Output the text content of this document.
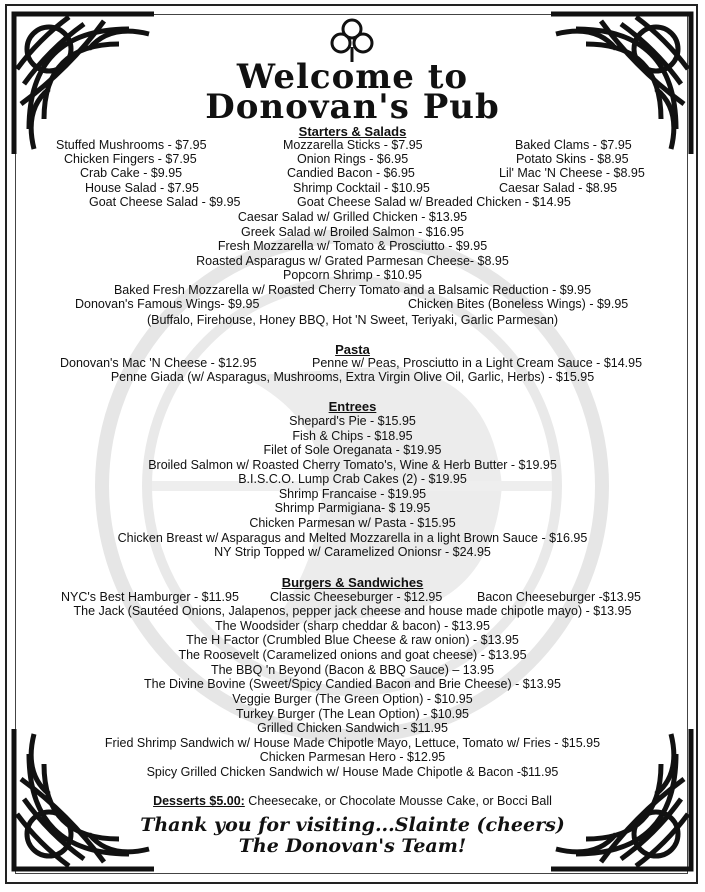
Welcome to
Donovan's Pub
Starters & Salads
Stuffed Mushrooms - $7.95	Mozzarella Sticks - $7.95	Baked Clams - $7.95
Chicken Fingers - $7.95	Onion Rings - $6.95	Potato Skins - $8.95
Crab Cake - $9.95	Candied Bacon - $6.95	Lil' Mac 'N Cheese - $8.95
House Salad - $7.95	Shrimp Cocktail - $10.95	Caesar Salad - $8.95
Goat Cheese Salad - $9.95	Goat Cheese Salad w/ Breaded Chicken - $14.95
Caesar Salad w/ Grilled Chicken - $13.95
Greek Salad w/ Broiled Salmon - $16.95
Fresh Mozzarella w/ Tomato & Prosciutto - $9.95
Roasted Asparagus w/ Grated Parmesan Cheese- $8.95
Popcorn Shrimp - $10.95
Baked Fresh Mozzarella w/ Roasted Cherry Tomato and a Balsamic Reduction - $9.95
Donovan's Famous Wings- $9.95	Chicken Bites (Boneless Wings) - $9.95
(Buffalo, Firehouse, Honey BBQ, Hot 'N Sweet, Teriyaki, Garlic Parmesan)
Pasta
Donovan's Mac 'N Cheese - $12.95	Penne w/ Peas, Prosciutto in a Light Cream Sauce - $14.95
Penne Giada (w/ Asparagus, Mushrooms, Extra Virgin Olive Oil, Garlic, Herbs) - $15.95
Entrees
Shepard's Pie - $15.95
Fish & Chips - $18.95
Filet of Sole Oreganata - $19.95
Broiled Salmon w/ Roasted Cherry Tomato's, Wine & Herb Butter - $19.95
B.I.S.C.O. Lump Crab Cakes (2) - $19.95
Shrimp Francaise - $19.95
Shrimp Parmigiana- $ 19.95
Chicken Parmesan w/ Pasta - $15.95
Chicken Breast w/ Asparagus and Melted Mozzarella in a light Brown Sauce - $16.95
NY Strip Topped w/ Caramelized Onionsr - $24.95
Burgers & Sandwiches
NYC's Best Hamburger - $11.95 Classic Cheeseburger - $12.95	Bacon Cheeseburger -$13.95
The Jack (Sautéed Onions, Jalapenos, pepper jack cheese and house made chipotle mayo) - $13.95
The Woodsider (sharp cheddar & bacon) - $13.95
The H Factor (Crumbled Blue Cheese & raw onion) - $13.95
The Roosevelt (Caramelized onions and goat cheese) - $13.95
The BBQ 'n Beyond (Bacon & BBQ Sauce) – 13.95
The Divine Bovine (Sweet/Spicy Candied Bacon and Brie Cheese) - $13.95
Veggie Burger (The Green Option) - $10.95
Turkey Burger (The Lean Option) - $10.95
Grilled Chicken Sandwich - $11.95
Fried Shrimp Sandwich w/ House Made Chipotle Mayo, Lettuce, Tomato w/ Fries - $15.95
Chicken Parmesan Hero - $12.95
Spicy Grilled Chicken Sandwich w/ House Made Chipotle & Bacon -$11.95
Desserts $5.00: Cheesecake, or Chocolate Mousse Cake, or Bocci Ball
Thank you for visiting...Slainte (cheers)
The Donovan's Team!
